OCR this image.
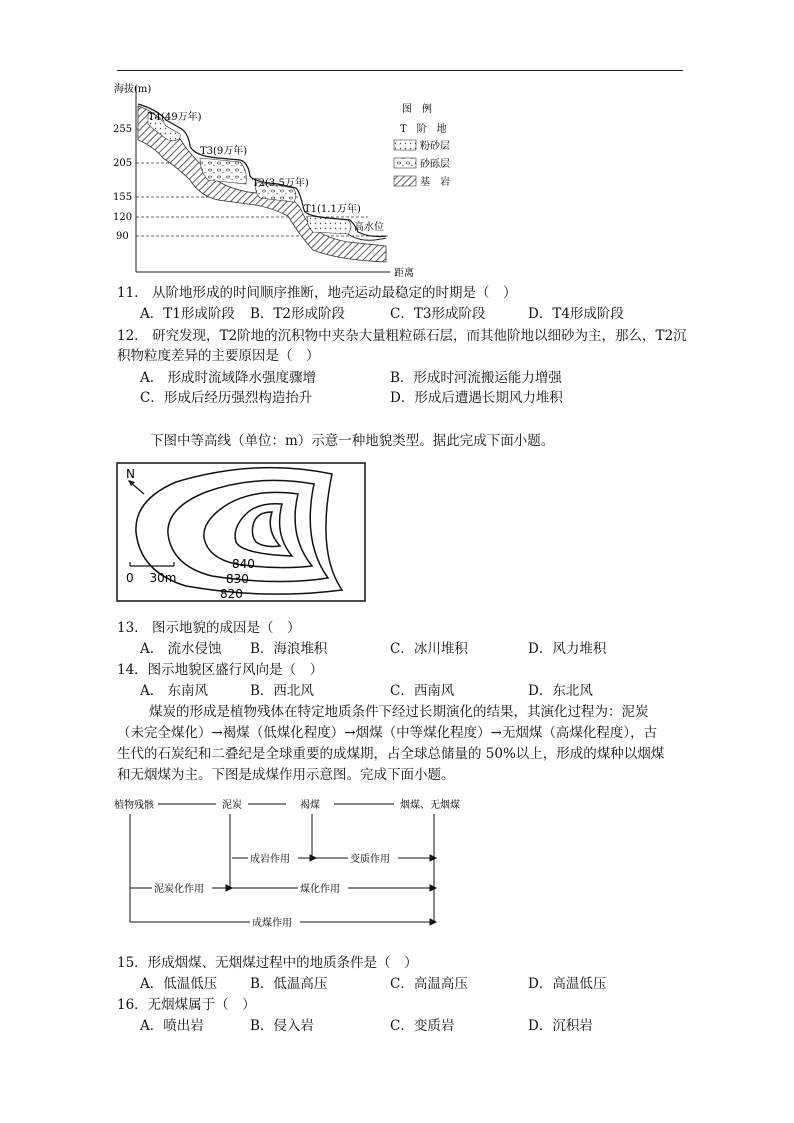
海拔(m)
距离
255
205
155
120
90
T4(49万年)
T3(9万年)
T2(3.5万年)
T1(1.1万年)
高水位
图　例
T　阶　地
粉砂层
砂砾层
基　岩
11.　从阶地形成的时间顺序推断，地壳运动最稳定的时期是（　）
A．T1形成阶段 B．T2形成阶段	C．T3形成阶段	D．T4形成阶段
12.　研究发现，T2阶地的沉积物中夹杂大量粗粒砾石层，而其他阶地以细砂为主，那么，T2沉
积物粒度差异的主要原因是（　）
A.　形成时流域降水强度骤增	B．形成时河流搬运能力增强
C．形成后经历强烈构造抬升	D．形成后遭遇长期风力堆积
下图中等高线（单位：m）示意一种地貌类型。据此完成下面小题。
N
0　 30m
840
830
820
13.　图示地貌的成因是（　）
A.　流水侵蚀 B．海浪堆积	C．冰川堆积	D．风力堆积
14．图示地貌区盛行风向是（　）
A.　东南风	B．西北风	C．西南风	D．东北风

煤炭的形成是植物残体在特定地质条件下经过长期演化的结果，其演化过程为：泥炭

（未完全煤化）→褐煤（低煤化程度）→烟煤（中等煤化程度）→无烟煤（高煤化程度），古

生代的石炭纪和二叠纪是全球重要的成煤期，占全球总储量的 50%以上，形成的煤种以烟煤

和无烟煤为主。下图是成煤作用示意图。完成下面小题。

植物残骸	泥炭	褐煤	烟煤、无烟煤
成岩作用	变质作用
泥炭化作用	煤化作用
成煤作用
15．形成烟煤、无烟煤过程中的地质条件是（　）
A．低温低压 B．低温高压	C．高温高压	D．高温低压
16．无烟煤属于（　）
A．喷出岩	B．侵入岩	C．变质岩	D．沉积岩
